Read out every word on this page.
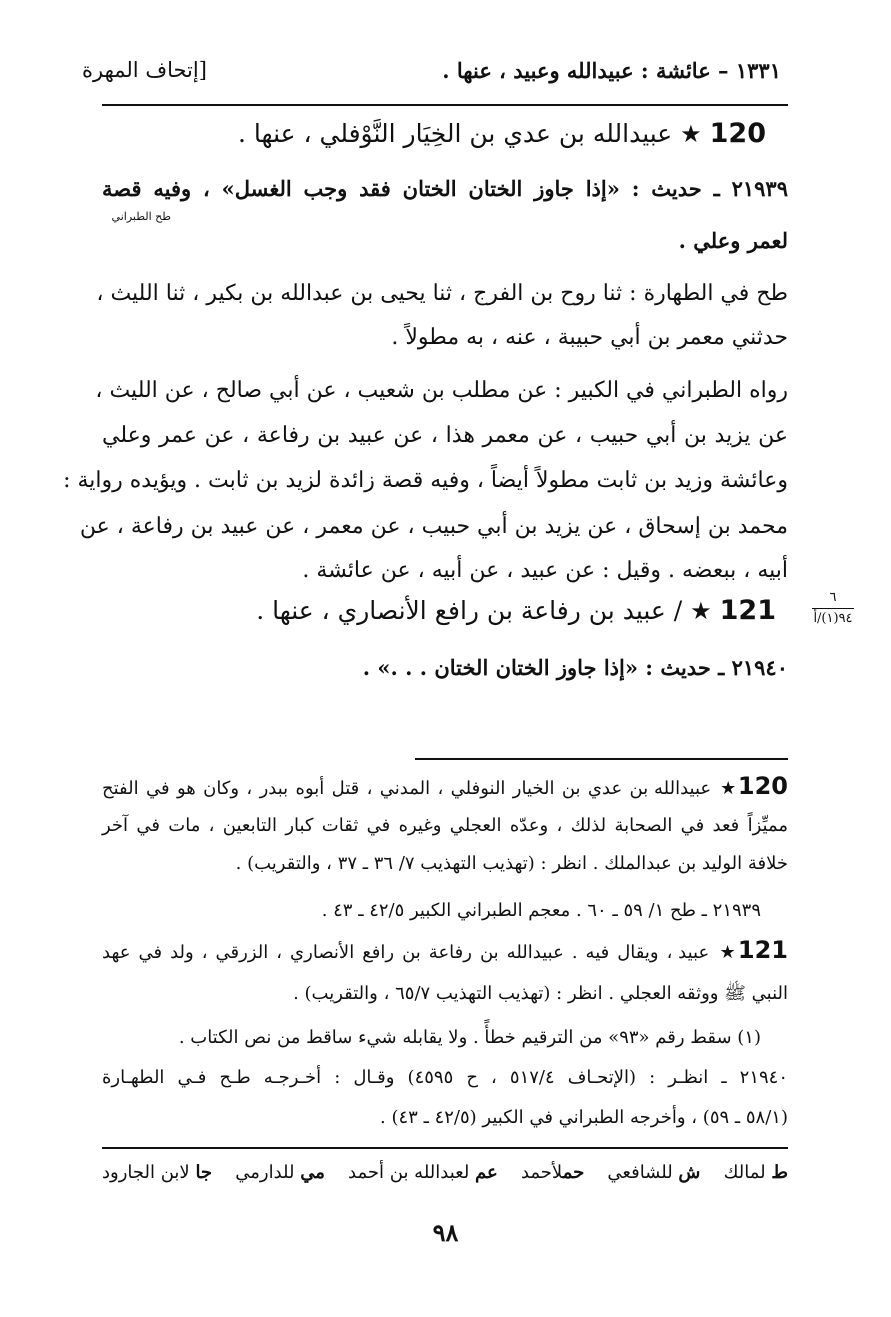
١٣٣١ – عائشة : عبيدالله وعبيد ، عنها .
[إتحاف المهرة
120 ★ عبيدالله بن عدي بن الخِيَار النَّوْفلي ، عنها .
٢١٩٣٩ ـ حديث : «إذا جاوز الختان الختان فقد وجب الغسل» ، وفيه قصة
طح الطبراني
لعمر وعلي .
طح في الطهارة : ثنا روح بن الفرج ، ثنا يحيى بن عبدالله بن بكير ، ثنا الليث ،
حدثني معمر بن أبي حبيبة ، عنه ، به مطولاً .
رواه الطبراني في الكبير : عن مطلب بن شعيب ، عن أبي صالح ، عن الليث ،
عن يزيد بن أبي حبيب ، عن معمر هذا ، عن عبيد بن رفاعة ، عن عمر وعلي
وعائشة وزيد بن ثابت مطولاً أيضاً ، وفيه قصة زائدة لزيد بن ثابت . ويؤيده رواية :
محمد بن إسحاق ، عن يزيد بن أبي حبيب ، عن معمر ، عن عبيد بن رفاعة ، عن
أبيه ، ببعضه . وقيل : عن عبيد ، عن أبيه ، عن عائشة .
121 ★ / عبيد بن رفاعة بن رافع الأنصاري ، عنها .	٦
٩٤(١)/أ
٢١٩٤٠ ـ حديث : «إذا جاوز الختان الختان . . .» .
120★ عبيدالله بن عدي بن الخيار النوفلي ، المدني ، قتل أبوه ببدر ، وكان هو في الفتح
مميِّزاً فعد في الصحابة لذلك ، وعدّه العجلي وغيره في ثقات كبار التابعين ، مات في آخر
خلافة الوليد بن عبدالملك . انظر : (تهذيب التهذيب ٧/ ٣٦ ـ ٣٧ ، والتقريب) .
٢١٩٣٩ ـ طح ١/ ٥٩ ـ ٦٠ . معجم الطبراني الكبير ٤٢/٥ ـ ٤٣ .
121★ عبيد ، ويقال فيه . عبيدالله بن رفاعة بن رافع الأنصاري ، الزرقي ، ولد في عهد
النبي ﷺ ووثقه العجلي . انظر : (تهذيب التهذيب ٦٥/٧ ، والتقريب) .
(١) سقط رقم «٩٣» من الترقيم خطأً . ولا يقابله شيء ساقط من نص الكتاب .
٢١٩٤٠ ـ انظـر : (الإتحـاف ٥١٧/٤ ، ح ٤٥٩٥) وقـال : أخـرجـه طـح فـي الطهـارة
(٥٨/١ ـ ٥٩) ، وأخرجه الطبراني في الكبير (٤٢/٥ ـ ٤٣) .
ط لمالك
ش للشافعي
حملأحمد
عم لعبدالله بن أحمد
مي للدارمي
جا لابن الجارود
٩٨
